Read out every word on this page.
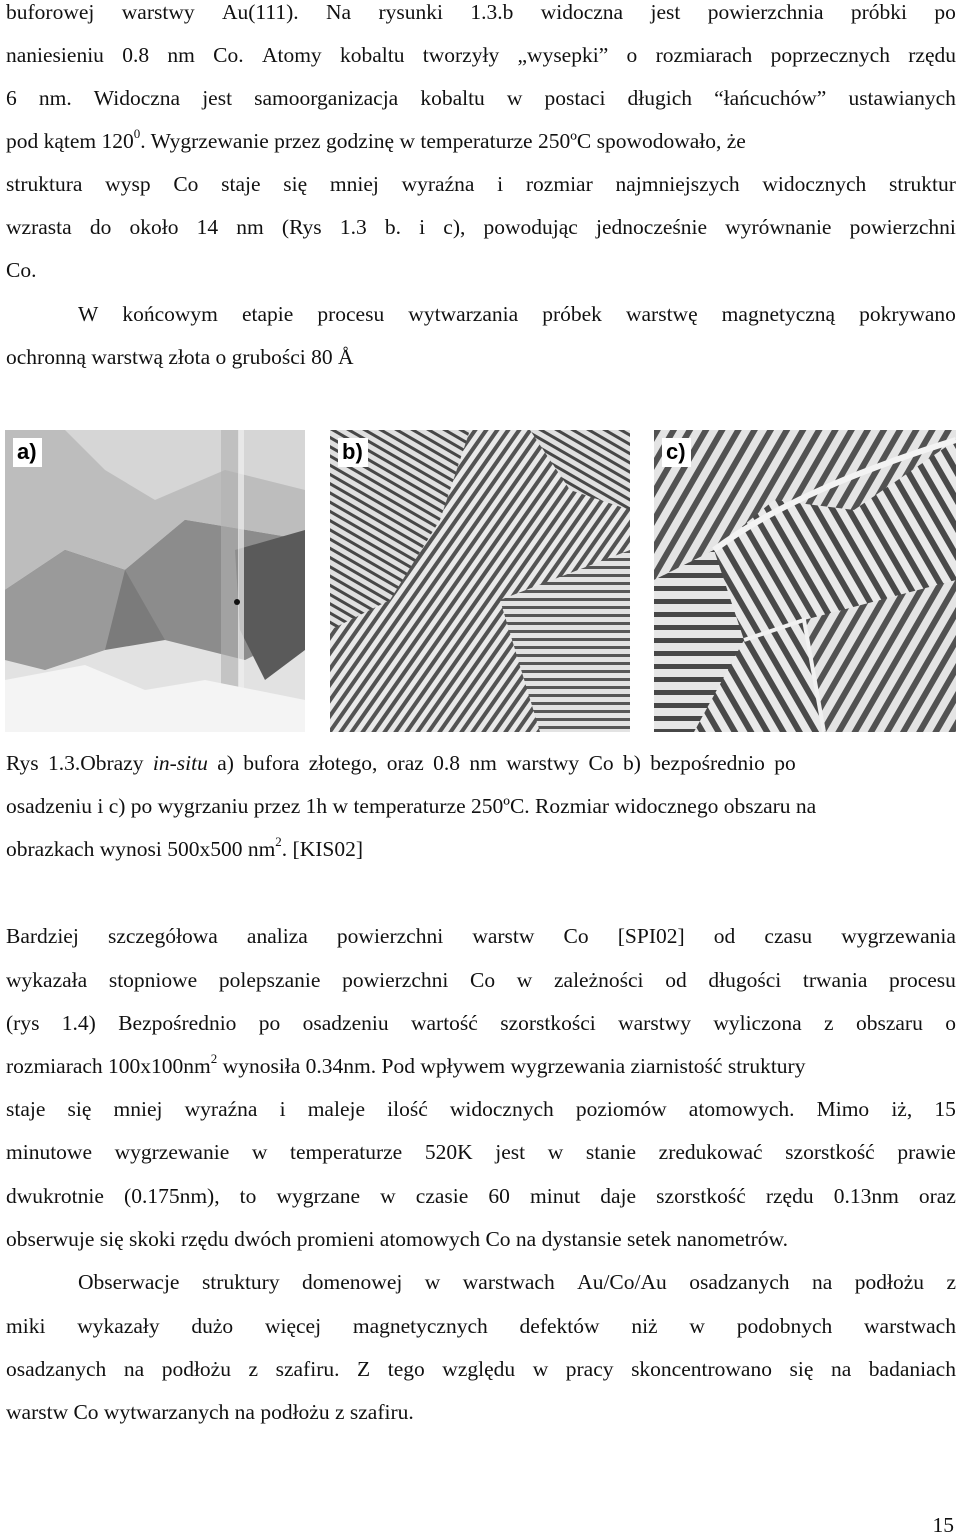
buforowej warstwy Au(111). Na rysunki 1.3.b widoczna jest powierzchnia próbki po
naniesieniu 0.8 nm Co. Atomy kobaltu tworzyły „wysepki” o rozmiarach poprzecznych rzędu
6 nm. Widoczna jest samoorganizacja kobaltu w postaci długich “łańcuchów” ustawianych
pod kątem $120^0$. Wygrzewanie przez godzinę w temperaturze 250ºC spowodowało, że
struktura wysp Co staje się mniej wyraźna i rozmiar najmniejszych widocznych struktur
wzrasta do około 14 nm (Rys 1.3 b. i c), powodując jednocześnie wyrównanie powierzchni
Co.
W końcowym etapie procesu wytwarzania próbek warstwę magnetyczną pokrywano
ochronną warstwą złota o grubości 80 Å
a)	b)	c)
Rys 1.3.Obrazy in-situ a) bufora złotego, oraz 0.8 nm warstwy Co b) bezpośrednio po
osadzeniu i c) po wygrzaniu przez 1h w temperaturze 250ºC. Rozmiar widocznego obszaru na
obrazkach wynosi 500x500 $nm^2$. [KIS02]
Bardziej szczegółowa analiza powierzchni warstw Co [SPI02] od czasu wygrzewania
wykazała stopniowe polepszanie powierzchni Co w zależności od długości trwania procesu
(rys 1.4) Bezpośrednio po osadzeniu wartość szorstkości warstwy wyliczona z obszaru o
rozmiarach $100x100nm^2$ wynosiła 0.34nm. Pod wpływem wygrzewania ziarnistość struktury
staje się mniej wyraźna i maleje ilość widocznych poziomów atomowych. Mimo iż, 15
minutowe wygrzewanie w temperaturze 520K jest w stanie zredukować szorstkość prawie
dwukrotnie (0.175nm), to wygrzane w czasie 60 minut daje szorstkość rzędu 0.13nm oraz
obserwuje się skoki rzędu dwóch promieni atomowych Co na dystansie setek nanometrów.
Obserwacje struktury domenowej w warstwach Au/Co/Au osadzanych na podłożu z
miki wykazały dużo więcej magnetycznych defektów niż w podobnych warstwach
osadzanych na podłożu z szafiru. Z tego względu w pracy skoncentrowano się na badaniach
warstw Co wytwarzanych na podłożu z szafiru.
15
